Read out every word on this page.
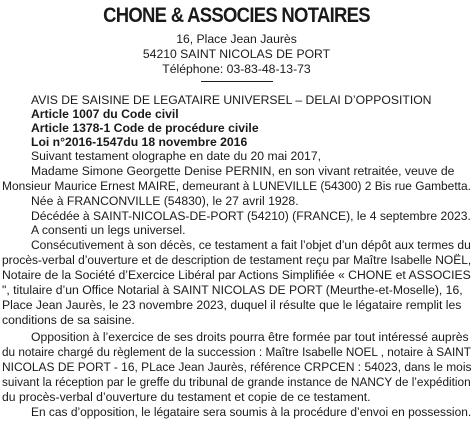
CHONE & ASSOCIES NOTAIRES
16, Place Jean Jaurès
54210 SAINT NICOLAS DE PORT
Téléphone: 03-83-48-13-73
AVIS DE SAISINE DE LEGATAIRE UNIVERSEL – DELAI D’OPPOSITION
Article 1007 du Code civil
Article 1378-1 Code de procédure civile
Loi n°2016-1547du 18 novembre 2016
Suivant testament olographe en date du 20 mai 2017,
Madame Simone Georgette Denise PERNIN, en son vivant retraitée, veuve de
Monsieur Maurice Ernest MAIRE, demeurant à LUNEVILLE (54300) 2 Bis rue Gambetta.
Née à FRANCONVILLE (54830), le 27 avril 1928.
Décédée à SAINT-NICOLAS-DE-PORT (54210) (FRANCE), le 4 septembre 2023.
A consenti un legs universel.
Consécutivement à son décès, ce testament a fait l’objet d’un dépôt aux termes du
procès-verbal d’ouverture et de description de testament reçu par Maître Isabelle NOËL,
Notaire de la Société d’Exercice Libéral par Actions Simplifiée « CHONE et ASSOCIES
", titulaire d’un Office Notarial à SAINT NICOLAS DE PORT (Meurthe-et-Moselle), 16,
Place Jean Jaurès, le 23 novembre 2023, duquel il résulte que le légataire remplit les
conditions de sa saisine.
Opposition à l’exercice de ses droits pourra être formée par tout intéressé auprès
du notaire chargé du règlement de la succession : Maître Isabelle NOEL , notaire à SAINT
NICOLAS DE PORT - 16, PLace Jean Jaurès, référence CRPCEN : 54023, dans le mois
suivant la réception par le greffe du tribunal de grande instance de NANCY de l’expédition
du procès-verbal d’ouverture du testament et copie de ce testament.
En cas d’opposition, le légataire sera soumis à la procédure d’envoi en possession.
